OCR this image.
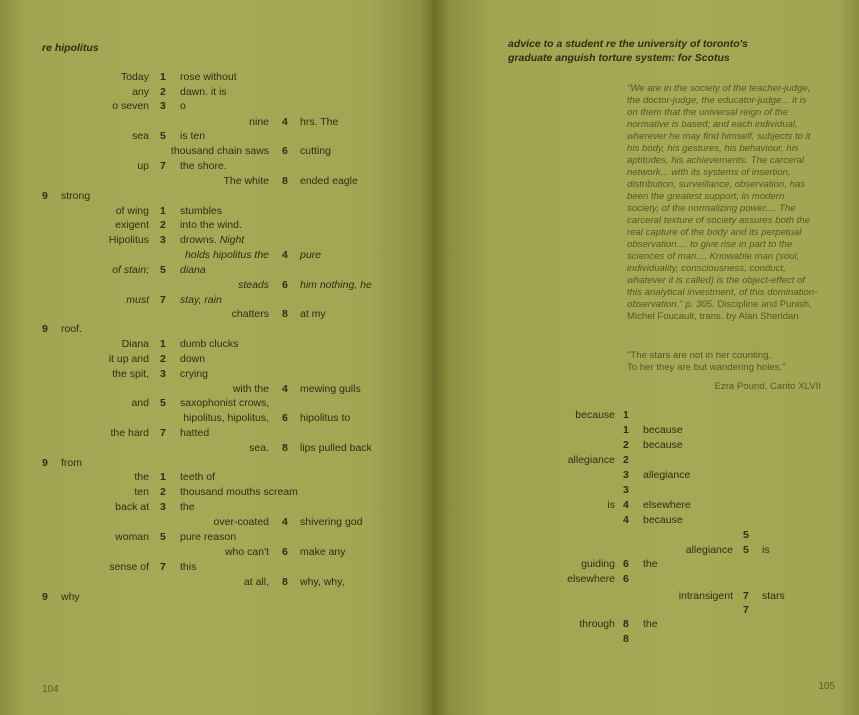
re hipolitus
Today 1 rose without
any 2 dawn. it is
o seven 3 o
nine 4 hrs. The
sea 5 is ten
thousand chain saws 6 cutting
up 7 the shore.
The white 8 ended eagle
9 strong
of wing 1 stumbles
exigent 2 into the wind.
Hipolitus 3 drowns. Night
holds hipolitus the 4 pure
of stain; 5 diana
steads 6 him nothing, he
must 7 stay, rain
chatters 8 at my
9 roof.
Diana 1 dumb clucks
it up and 2 down
the spit, 3 crying
with the 4 mewing gulls
and 5 saxophonist crows,
hipolitus, hipolitus, 6 hipolitus to
the hard 7 hatted
sea. 8 lips pulled back
9 from
the 1 teeth of
ten 2 thousand mouths scream
back at 3 the
over-coated 4 shivering god
woman 5 pure reason
who can't 6 make any
sense of 7 this
at all, 8 why, why,
9 why
104
advice to a student re the university of toronto's
graduate anguish torture system: for Scotus
"We are in the society of the teacher-judge,
the doctor-judge, the educator-judge... it is
on them that the universal reign of the
normative is based; and each individual,
wherever he may find himself, subjects to it
his body, his gestures, his behaviour, his
aptitudes, his achievements. The carceral
network... with its systems of insertion,
distribution, surveillance, observation, has
been the greatest support, in modern
society, of the normalizing power.... The
carceral texture of society assures both the
real capture of the body and its perpetual
observation.... to give rise in part to the
sciences of man.... Knowable man (soul,
individuality, consciousness, conduct,
whatever it is called) is the object-effect of
this analytical investment, of this domination-
observation." p. 305. Discipline and Punish,
Michel Foucault, trans. by Alan Sheridan
"The stars are not in her counting,
To her they are but wandering holes."
Ezra Pound, Canto XLVII
because 1
1 because
2 because
allegiance 2
3 allegiance
3
is 4 elsewhere
4 because
5
allegiance 5 is
guiding 6 the
elsewhere 6
intransigent 7 stars
7
through 8 the
8
105
